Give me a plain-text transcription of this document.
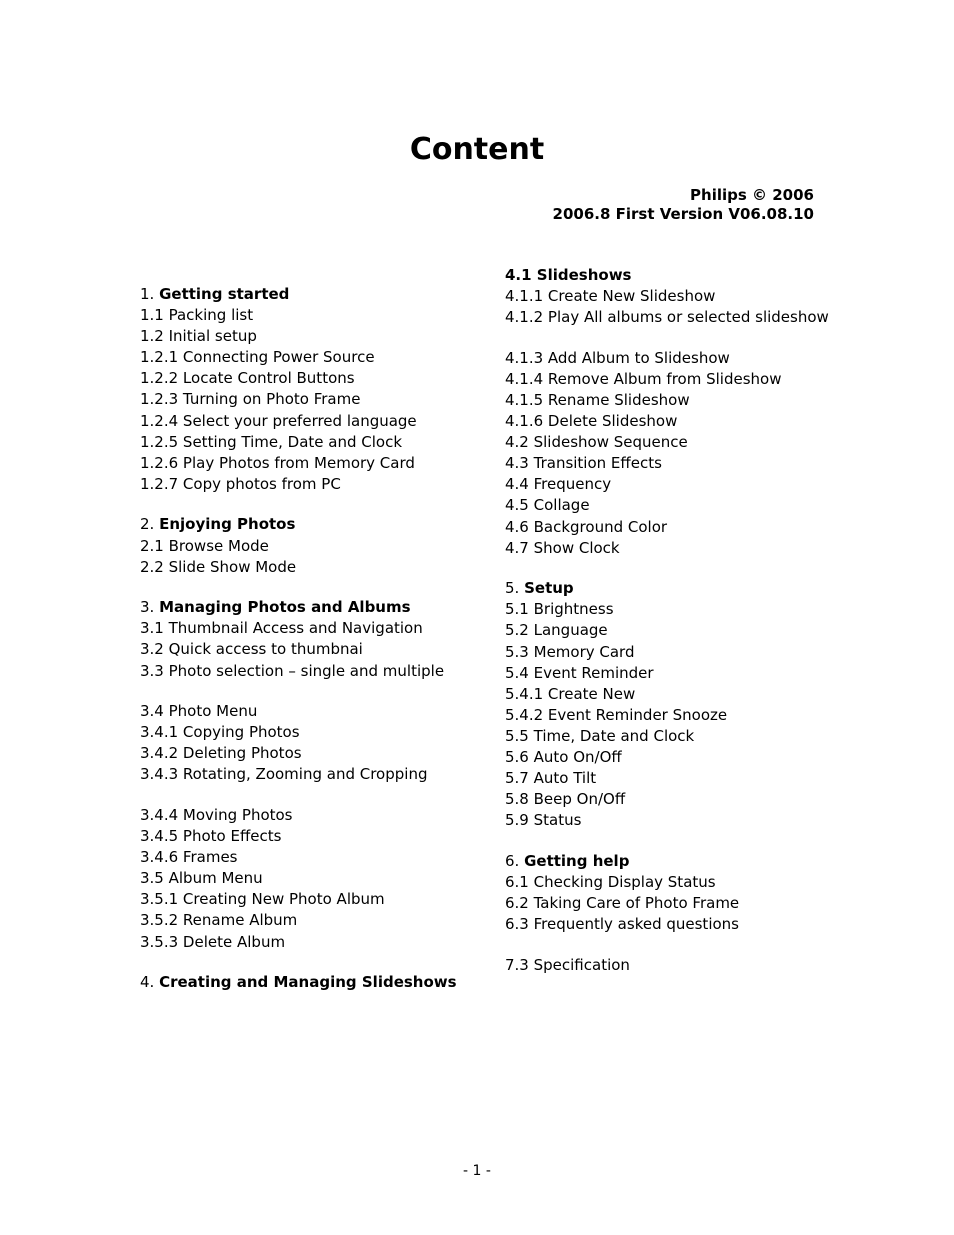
Content
Philips © 2006
2006.8 First Version V06.08.10
1. Getting started
1.1 Packing list
1.2 Initial setup
1.2.1 Connecting Power Source
1.2.2 Locate Control Buttons
1.2.3 Turning on Photo Frame
1.2.4 Select your preferred language
1.2.5 Setting Time, Date and Clock
1.2.6 Play Photos from Memory Card
1.2.7 Copy photos from PC
2. Enjoying Photos
2.1 Browse Mode
2.2 Slide Show Mode
3. Managing Photos and Albums
3.1 Thumbnail Access and Navigation
3.2 Quick access to thumbnai
3.3 Photo selection – single and multiple
3.4 Photo Menu
3.4.1 Copying Photos
3.4.2 Deleting Photos
3.4.3 Rotating, Zooming and Cropping
3.4.4 Moving Photos
3.4.5 Photo Effects
3.4.6 Frames
3.5 Album Menu
3.5.1 Creating New Photo Album
3.5.2 Rename Album
3.5.3 Delete Album
4. Creating and Managing Slideshows
4.1 Slideshows
4.1.1 Create New Slideshow
4.1.2 Play All albums or selected slideshow
4.1.3 Add Album to Slideshow
4.1.4 Remove Album from Slideshow
4.1.5 Rename Slideshow
4.1.6 Delete Slideshow
4.2 Slideshow Sequence
4.3 Transition Effects
4.4 Frequency
4.5 Collage
4.6 Background Color
4.7 Show Clock
5. Setup
5.1 Brightness
5.2 Language
5.3 Memory Card
5.4 Event Reminder
5.4.1 Create New
5.4.2 Event Reminder Snooze
5.5 Time, Date and Clock
5.6 Auto On/Off
5.7 Auto Tilt
5.8 Beep On/Off
5.9 Status
6. Getting help
6.1 Checking Display Status
6.2 Taking Care of Photo Frame
6.3 Frequently asked questions
7.3 Specification
- 1 -
